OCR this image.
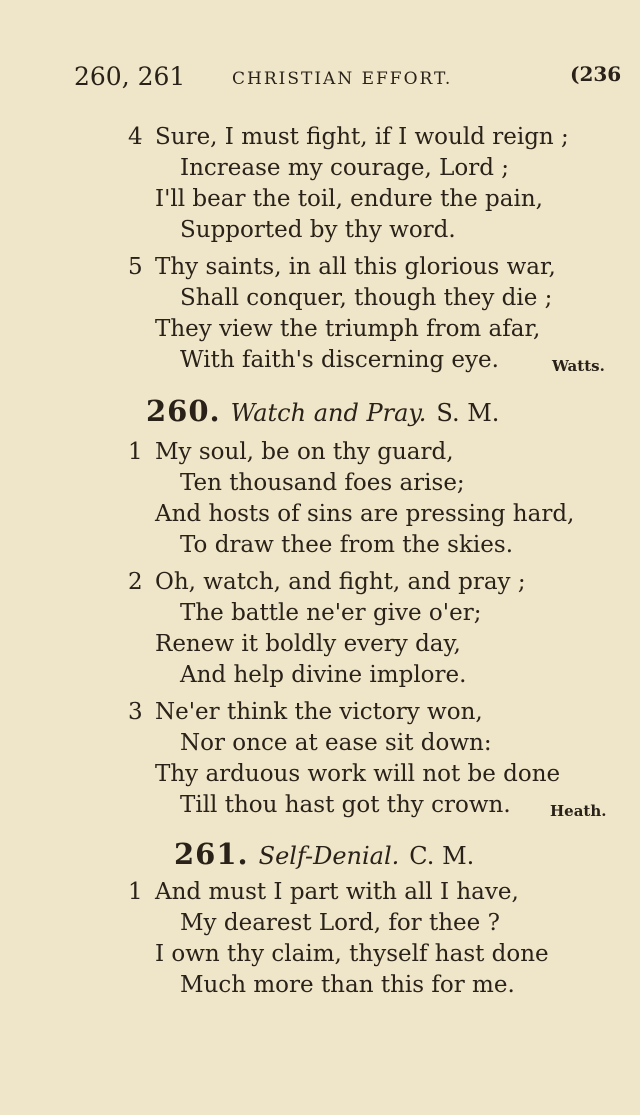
260, 261	CHRISTIAN EFFORT.	(236
4 Sure, I must fight, if I would reign ;
Increase my courage, Lord ;
I'll bear the toil, endure the pain,
Supported by thy word.
5 Thy saints, in all this glorious war,
Shall conquer, though they die ;
They view the triumph from afar,
With faith's discerning eye.	Watts.
260. Watch and Pray. S. M.
1 My soul, be on thy guard,
Ten thousand foes arise;
And hosts of sins are pressing hard,
To draw thee from the skies.
2 Oh, watch, and fight, and pray ;
The battle ne'er give o'er;
Renew it boldly every day,
And help divine implore.
3 Ne'er think the victory won,
Nor once at ease sit down:
Thy arduous work will not be done
Till thou hast got thy crown.	Heath.
261. Self-Denial. C. M.
1 And must I part with all I have,
My dearest Lord, for thee ?
I own thy claim, thyself hast done
Much more than this for me.
